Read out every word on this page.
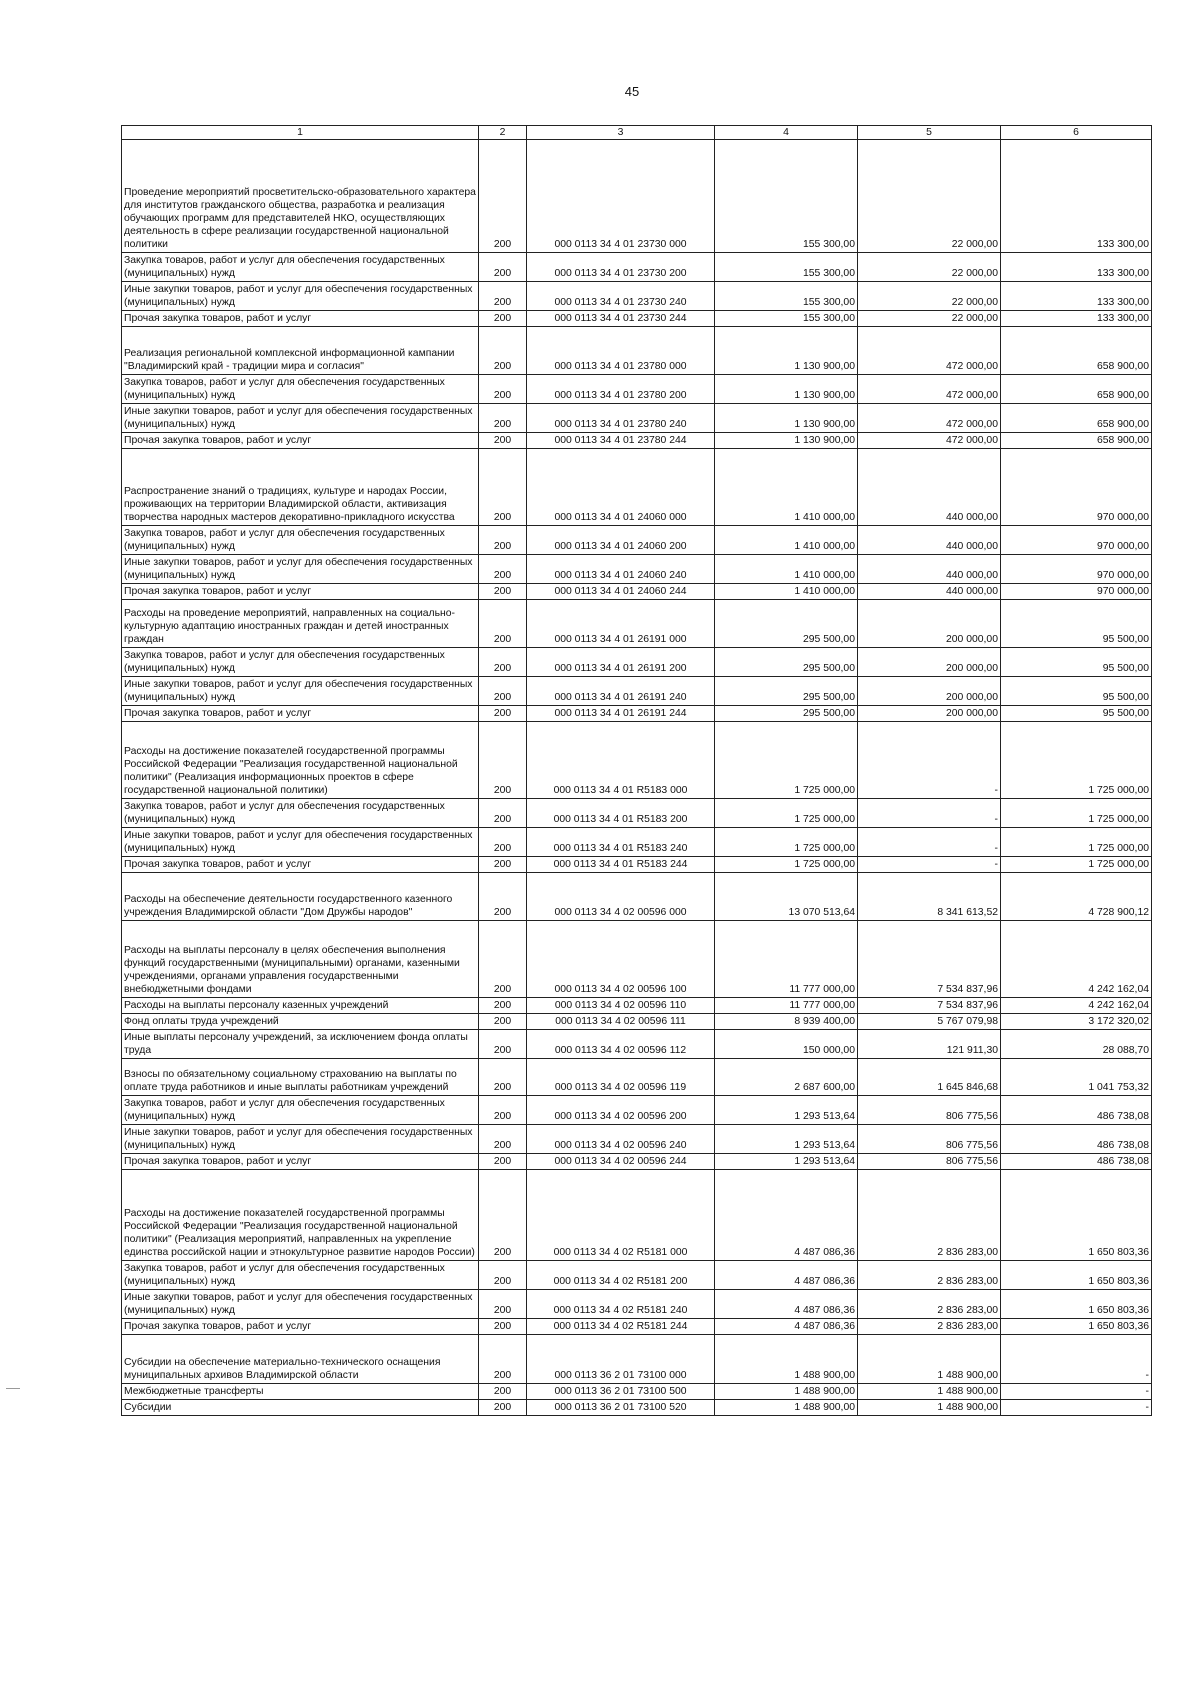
45
1	2	3	4	5	6
Проведение мероприятий просветительско-образовательного характера для институтов гражданского общества, разработка и реализация обучающих программ для представителей НКО, осуществляющих деятельность в сфере реализации государственной национальной политики	200	000 0113 34 4 01 23730 000	155 300,00	22 000,00	133 300,00
Закупка товаров, работ и услуг для обеспечения государственных (муниципальных) нужд	200	000 0113 34 4 01 23730 200	155 300,00	22 000,00	133 300,00
Иные закупки товаров, работ и услуг для обеспечения государственных (муниципальных) нужд	200	000 0113 34 4 01 23730 240	155 300,00	22 000,00	133 300,00
Прочая закупка товаров, работ и услуг	200	000 0113 34 4 01 23730 244	155 300,00	22 000,00	133 300,00
Реализация региональной комплексной информационной кампании "Владимирский край - традиции мира и согласия"	200	000 0113 34 4 01 23780 000	1 130 900,00	472 000,00	658 900,00
Закупка товаров, работ и услуг для обеспечения государственных (муниципальных) нужд	200	000 0113 34 4 01 23780 200	1 130 900,00	472 000,00	658 900,00
Иные закупки товаров, работ и услуг для обеспечения государственных (муниципальных) нужд	200	000 0113 34 4 01 23780 240	1 130 900,00	472 000,00	658 900,00
Прочая закупка товаров, работ и услуг	200	000 0113 34 4 01 23780 244	1 130 900,00	472 000,00	658 900,00
Распространение знаний о традициях, культуре и народах России, проживающих на территории Владимирской области, активизация творчества народных мастеров декоративно-прикладного искусства	200	000 0113 34 4 01 24060 000	1 410 000,00	440 000,00	970 000,00
Закупка товаров, работ и услуг для обеспечения государственных (муниципальных) нужд	200	000 0113 34 4 01 24060 200	1 410 000,00	440 000,00	970 000,00
Иные закупки товаров, работ и услуг для обеспечения государственных (муниципальных) нужд	200	000 0113 34 4 01 24060 240	1 410 000,00	440 000,00	970 000,00
Прочая закупка товаров, работ и услуг	200	000 0113 34 4 01 24060 244	1 410 000,00	440 000,00	970 000,00
Расходы на проведение мероприятий, направленных на социально-культурную адаптацию иностранных граждан и детей иностранных граждан	200	000 0113 34 4 01 26191 000	295 500,00	200 000,00	95 500,00
Закупка товаров, работ и услуг для обеспечения государственных (муниципальных) нужд	200	000 0113 34 4 01 26191 200	295 500,00	200 000,00	95 500,00
Иные закупки товаров, работ и услуг для обеспечения государственных (муниципальных) нужд	200	000 0113 34 4 01 26191 240	295 500,00	200 000,00	95 500,00
Прочая закупка товаров, работ и услуг	200	000 0113 34 4 01 26191 244	295 500,00	200 000,00	95 500,00
Расходы на достижение показателей государственной программы Российской Федерации "Реализация государственной национальной политики" (Реализация информационных проектов в сфере государственной национальной политики)	200	000 0113 34 4 01 R5183 000	1 725 000,00	-	1 725 000,00
Закупка товаров, работ и услуг для обеспечения государственных (муниципальных) нужд	200	000 0113 34 4 01 R5183 200	1 725 000,00	-	1 725 000,00
Иные закупки товаров, работ и услуг для обеспечения государственных (муниципальных) нужд	200	000 0113 34 4 01 R5183 240	1 725 000,00	-	1 725 000,00
Прочая закупка товаров, работ и услуг	200	000 0113 34 4 01 R5183 244	1 725 000,00	-	1 725 000,00
Расходы на обеспечение деятельности государственного казенного учреждения Владимирской области "Дом Дружбы народов"	200	000 0113 34 4 02 00596 000	13 070 513,64	8 341 613,52	4 728 900,12
Расходы на выплаты персоналу в целях обеспечения выполнения функций государственными (муниципальными) органами, казенными учреждениями, органами управления государственными внебюджетными фондами	200	000 0113 34 4 02 00596 100	11 777 000,00	7 534 837,96	4 242 162,04
Расходы на выплаты персоналу казенных учреждений	200	000 0113 34 4 02 00596 110	11 777 000,00	7 534 837,96	4 242 162,04
Фонд оплаты труда учреждений	200	000 0113 34 4 02 00596 111	8 939 400,00	5 767 079,98	3 172 320,02
Иные выплаты персоналу учреждений, за исключением фонда оплаты труда	200	000 0113 34 4 02 00596 112	150 000,00	121 911,30	28 088,70
Взносы по обязательному социальному страхованию на выплаты по оплате труда работников и иные выплаты работникам учреждений	200	000 0113 34 4 02 00596 119	2 687 600,00	1 645 846,68	1 041 753,32
Закупка товаров, работ и услуг для обеспечения государственных (муниципальных) нужд	200	000 0113 34 4 02 00596 200	1 293 513,64	806 775,56	486 738,08
Иные закупки товаров, работ и услуг для обеспечения государственных (муниципальных) нужд	200	000 0113 34 4 02 00596 240	1 293 513,64	806 775,56	486 738,08
Прочая закупка товаров, работ и услуг	200	000 0113 34 4 02 00596 244	1 293 513,64	806 775,56	486 738,08
Расходы на достижение показателей государственной программы Российской Федерации "Реализация государственной национальной политики" (Реализация мероприятий, направленных на укрепление единства российской нации и этнокультурное развитие народов России)	200	000 0113 34 4 02 R5181 000	4 487 086,36	2 836 283,00	1 650 803,36
Закупка товаров, работ и услуг для обеспечения государственных (муниципальных) нужд	200	000 0113 34 4 02 R5181 200	4 487 086,36	2 836 283,00	1 650 803,36
Иные закупки товаров, работ и услуг для обеспечения государственных (муниципальных) нужд	200	000 0113 34 4 02 R5181 240	4 487 086,36	2 836 283,00	1 650 803,36
Прочая закупка товаров, работ и услуг	200	000 0113 34 4 02 R5181 244	4 487 086,36	2 836 283,00	1 650 803,36
Субсидии на обеспечение материально-технического оснащения муниципальных архивов Владимирской области	200	000 0113 36 2 01 73100 000	1 488 900,00	1 488 900,00	-
Межбюджетные трансферты	200	000 0113 36 2 01 73100 500	1 488 900,00	1 488 900,00	-
Субсидии	200	000 0113 36 2 01 73100 520	1 488 900,00	1 488 900,00	-
